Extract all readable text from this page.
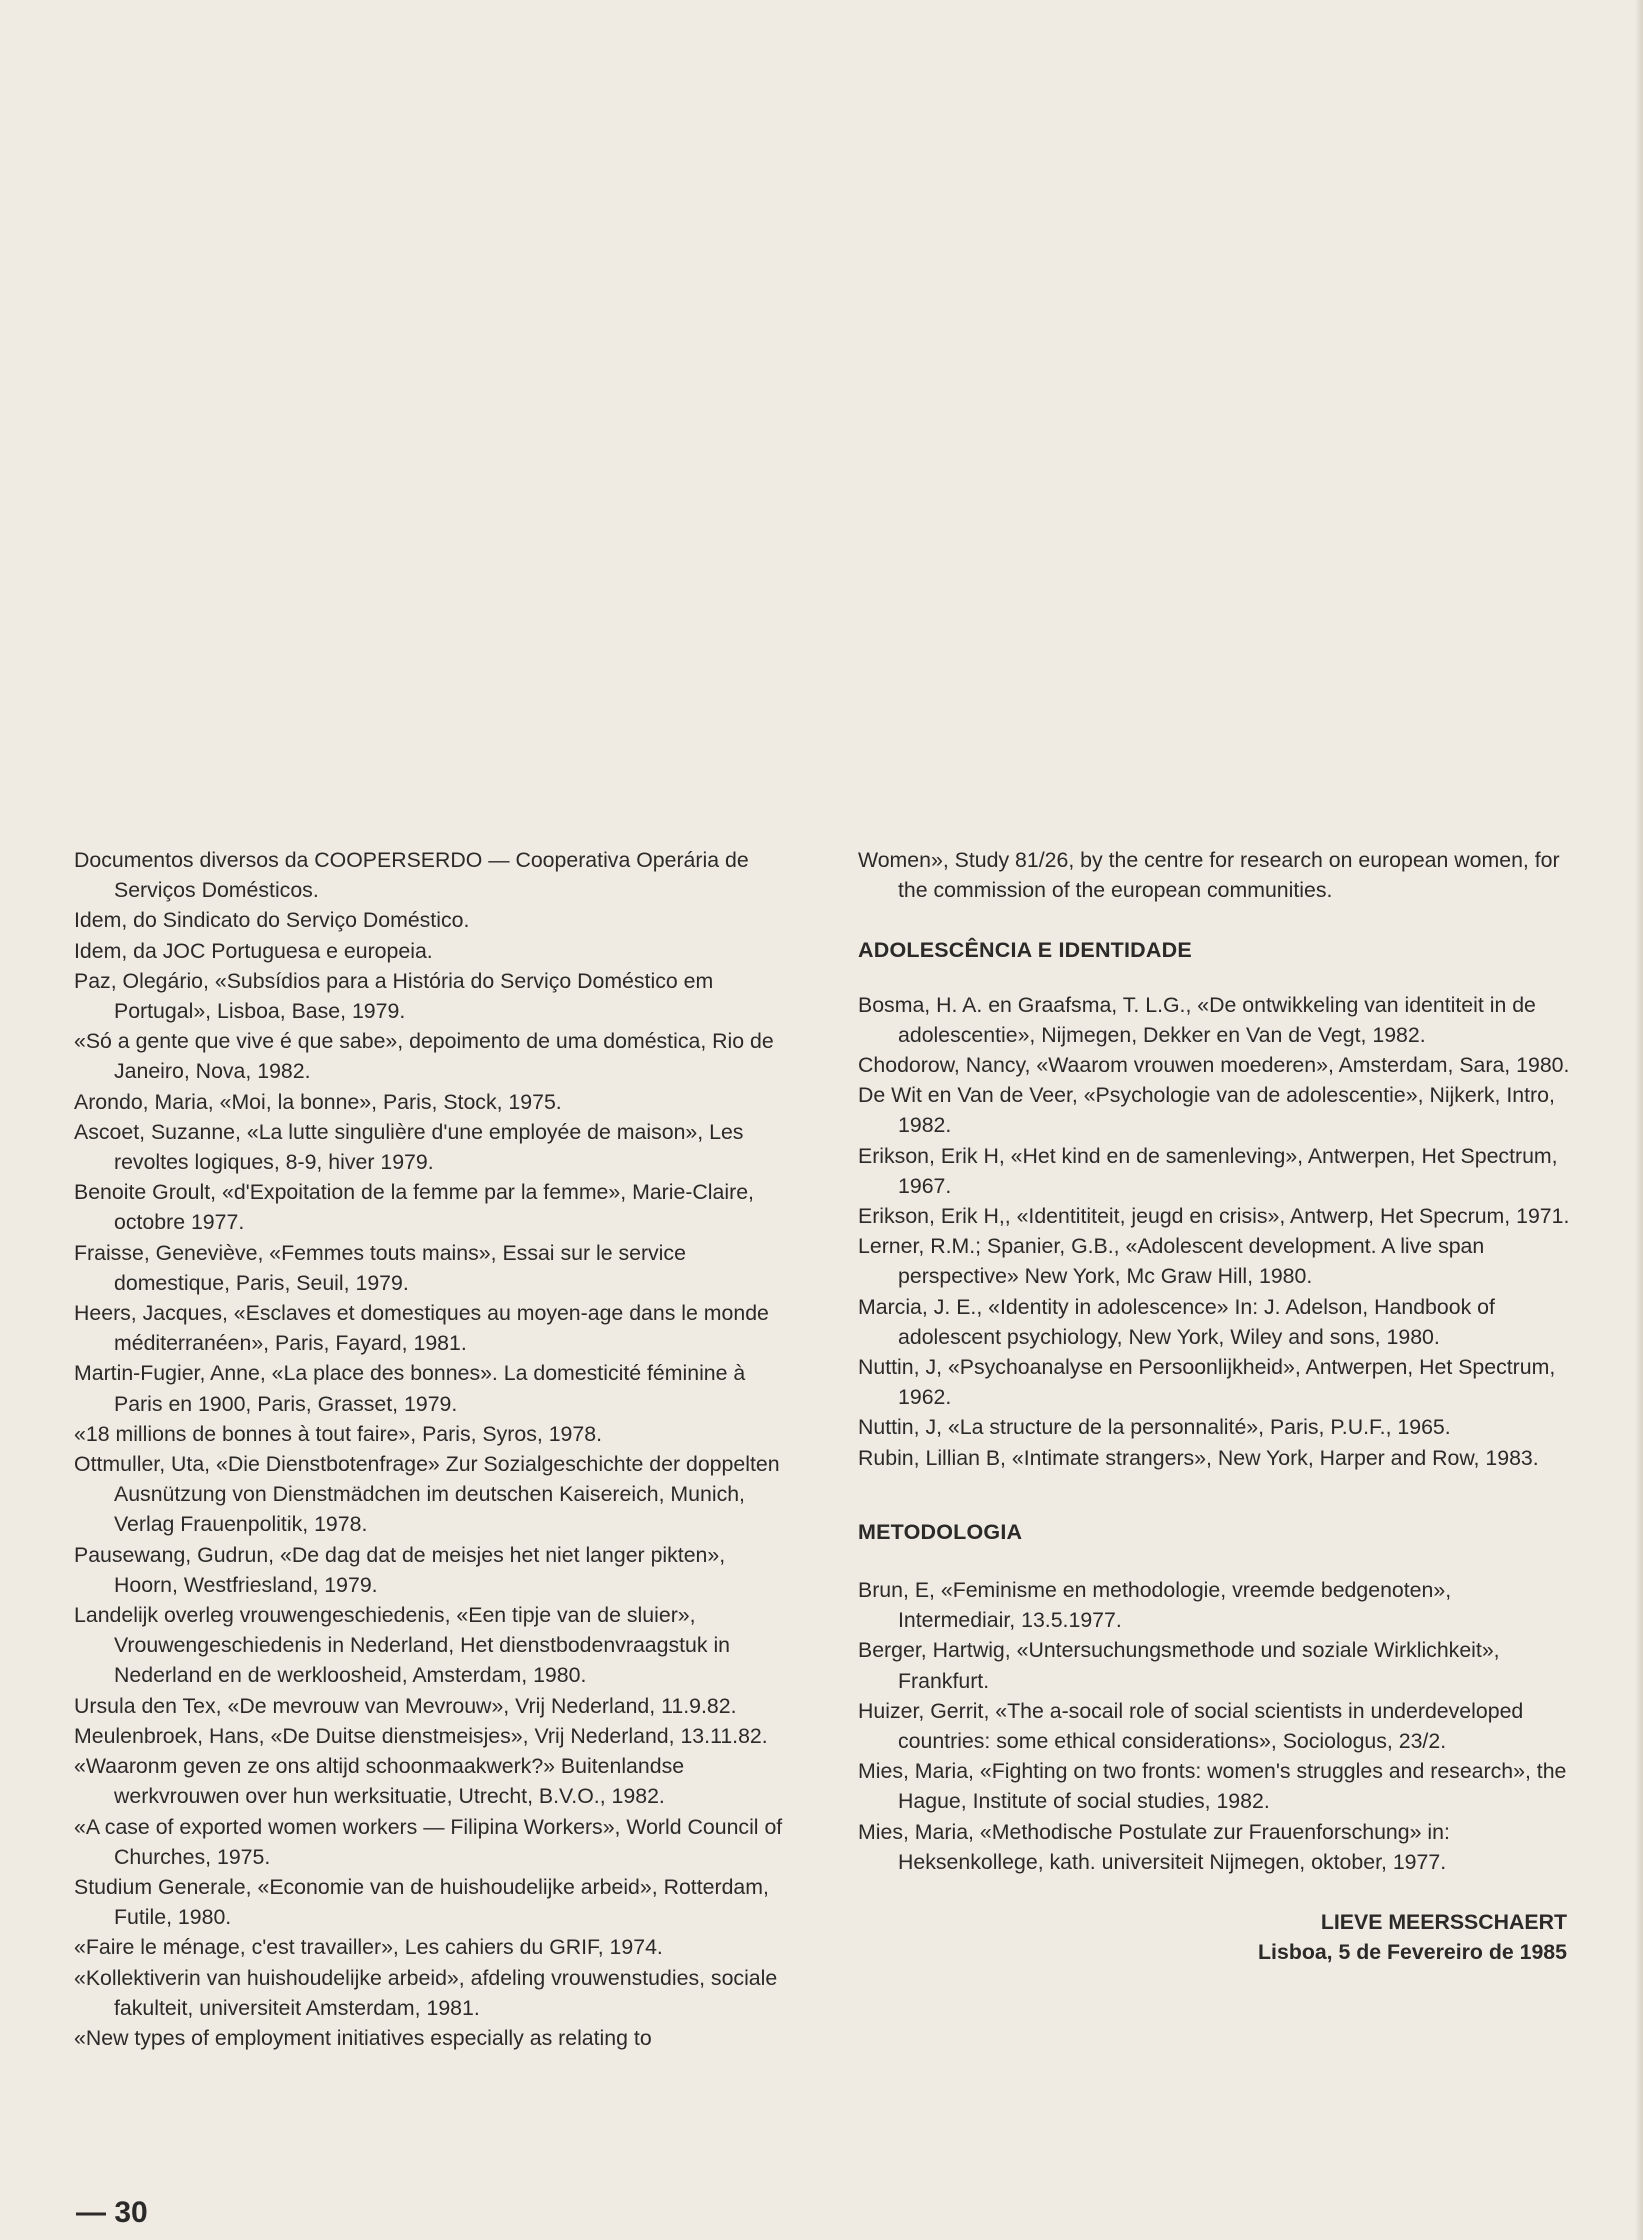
Documentos diversos da COOPERSERDO — Cooperativa Operária de Serviços Domésticos.

Idem, do Sindicato do Serviço Doméstico.

Idem, da JOC Portuguesa e europeia.

Paz, Olegário, «Subsídios para a História do Serviço Doméstico em Portugal», Lisboa, Base, 1979.

«Só a gente que vive é que sabe», depoimento de uma doméstica, Rio de Janeiro, Nova, 1982.

Arondo, Maria, «Moi, la bonne», Paris, Stock, 1975.

Ascoet, Suzanne, «La lutte singulière d'une employée de maison», Les revoltes logiques, 8-9, hiver 1979.

Benoite Groult, «d'Expoitation de la femme par la femme», Marie-Claire, octobre 1977.

Fraisse, Geneviève, «Femmes touts mains», Essai sur le service domestique, Paris, Seuil, 1979.

Heers, Jacques, «Esclaves et domestiques au moyen-age dans le monde méditerranéen», Paris, Fayard, 1981.

Martin-Fugier, Anne, «La place des bonnes». La domesticité féminine à Paris en 1900, Paris, Grasset, 1979.

«18 millions de bonnes à tout faire», Paris, Syros, 1978.

Ottmuller, Uta, «Die Dienstbotenfrage» Zur Sozialgeschichte der doppelten Ausnützung von Dienstmädchen im deutschen Kaisereich, Munich, Verlag Frauenpolitik, 1978.

Pausewang, Gudrun, «De dag dat de meisjes het niet langer pikten», Hoorn, Westfriesland, 1979.

Landelijk overleg vrouwengeschiedenis, «Een tipje van de sluier», Vrouwengeschiedenis in Nederland, Het dienstbodenvraagstuk in Nederland en de werkloosheid, Amsterdam, 1980.

Ursula den Tex, «De mevrouw van Mevrouw», Vrij Nederland, 11.9.82.

Meulenbroek, Hans, «De Duitse dienstmeisjes», Vrij Nederland, 13.11.82.

«Waaronm geven ze ons altijd schoonmaakwerk?» Buitenlandse werkvrouwen over hun werksituatie, Utrecht, B.V.O., 1982.

«A case of exported women workers — Filipina Workers», World Council of Churches, 1975.

Studium Generale, «Economie van de huishoudelijke arbeid», Rotterdam, Futile, 1980.

«Faire le ménage, c'est travailler», Les cahiers du GRIF, 1974.

«Kollektiverin van huishoudelijke arbeid», afdeling vrouwenstudies, sociale fakulteit, universiteit Amsterdam, 1981.

«New types of employment initiatives especially as relating to

Women», Study 81/26, by the centre for research on european women, for the commission of the european communities.

ADOLESCÊNCIA E IDENTIDADE

Bosma, H. A. en Graafsma, T. L.G., «De ontwikkeling van identiteit in de adolescentie», Nijmegen, Dekker en Van de Vegt, 1982.

Chodorow, Nancy, «Waarom vrouwen moederen», Amsterdam, Sara, 1980.

De Wit en Van de Veer, «Psychologie van de adolescentie», Nijkerk, Intro, 1982.

Erikson, Erik H, «Het kind en de samenleving», Antwerpen, Het Spectrum, 1967.

Erikson, Erik H,, «Identititeit, jeugd en crisis», Antwerp, Het Specrum, 1971.

Lerner, R.M.; Spanier, G.B., «Adolescent development. A live span perspective» New York, Mc Graw Hill, 1980.

Marcia, J. E., «Identity in adolescence» In: J. Adelson, Handbook of adolescent psychiology, New York, Wiley and sons, 1980.

Nuttin, J, «Psychoanalyse en Persoonlijkheid», Antwerpen, Het Spectrum, 1962.

Nuttin, J, «La structure de la personnalité», Paris, P.U.F., 1965.

Rubin, Lillian B, «Intimate strangers», New York, Harper and Row, 1983.

METODOLOGIA

Brun, E, «Feminisme en methodologie, vreemde bedgenoten», Intermediair, 13.5.1977.

Berger, Hartwig, «Untersuchungsmethode und soziale Wirklichkeit», Frankfurt.

Huizer, Gerrit, «The a-socail role of social scientists in underdeveloped countries: some ethical considerations», Sociologus, 23/2.

Mies, Maria, «Fighting on two fronts: women's struggles and research», the Hague, Institute of social studies, 1982.

Mies, Maria, «Methodische Postulate zur Frauenforschung» in: Heksenkollege, kath. universiteit Nijmegen, oktober, 1977.

LIEVE MEERSSCHAERT
Lisboa, 5 de Fevereiro de 1985
— 30
